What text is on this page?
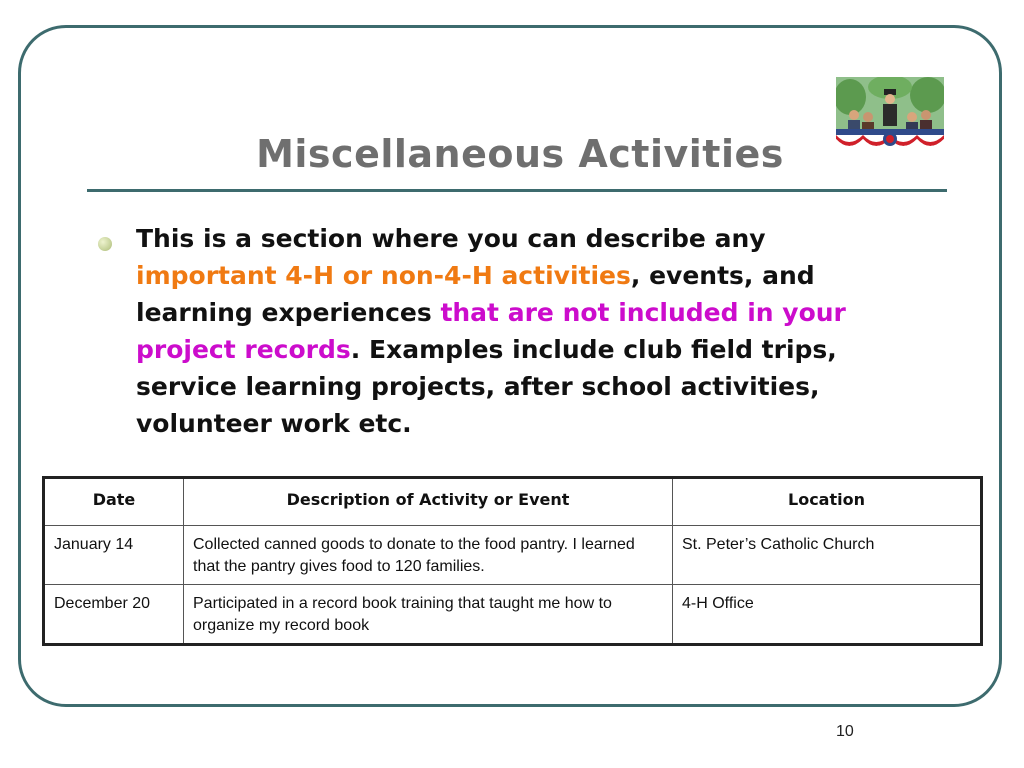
Miscellaneous Activities
This is a section where you can describe any important 4-H or non-4-H activities, events, and learning experiences that are not included in your project records. Examples include club field trips, service learning projects, after school activities, volunteer work etc.
Date	Description of Activity or Event	Location
January 14	Collected canned goods to donate to the food pantry. I learned that the pantry gives food to 120 families.	St. Peter’s Catholic Church
December 20	Participated in a record book training that taught me how to organize my record book	4-H Office
10
